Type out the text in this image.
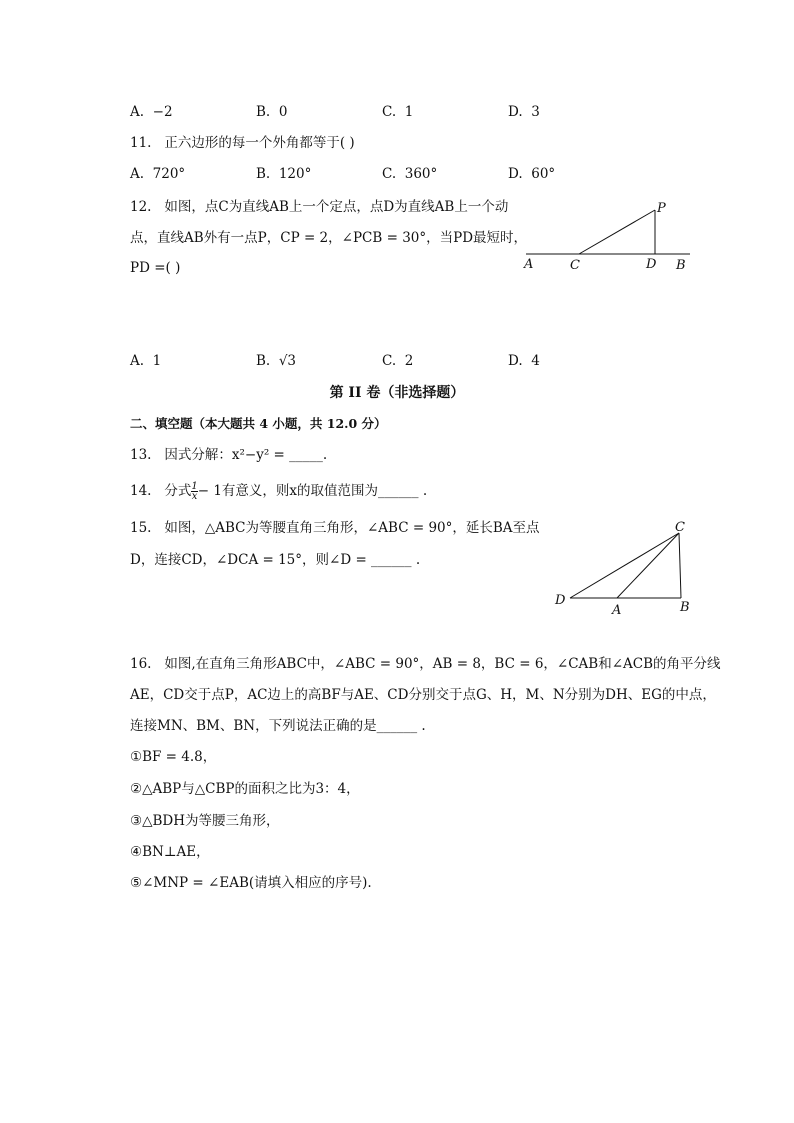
A. −2	B. 0	C. 1	D. 3
11. 正六边形的每一个外角都等于( )
A. 720°	B. 120°	C. 360°	D. 60°
12. 如图，点C为直线AB上一个定点，点D为直线AB上一个动
点，直线AB外有一点P，CP = 2，∠PCB = 30°，当PD最短时，
PD =( )
P
A	C	D B
A. 1	B. √3	C. 2	D. 4
第 II 卷（非选择题）
二、填空题（本大题共 4 小题，共 12.0 分）
13. 因式分解：x²−y² = _____.
14. 分式 $\frac{1}{x} - 1$有意义，则x的取值范围为______ .
15. 如图，△ABC为等腰直角三角形，∠ABC = 90°，延长BA至点
D，连接CD，∠DCA = 15°，则∠D = ______ .
C
D
A	B
16. 如图,在直角三角形ABC中，∠ABC = 90°，AB = 8，BC = 6，∠CAB和∠ACB的角平分线
AE，CD交于点P，AC边上的高BF与AE、CD分别交于点G、H，M、N分别为DH、EG的中点，
连接MN、BM、BN，下列说法正确的是______ .
①BF = 4.8，
②△ABP与△CBP的面积之比为3：4，
③△BDH为等腰三角形，
④BN⊥AE，
⑤∠MNP = ∠EAB(请填入相应的序号).
